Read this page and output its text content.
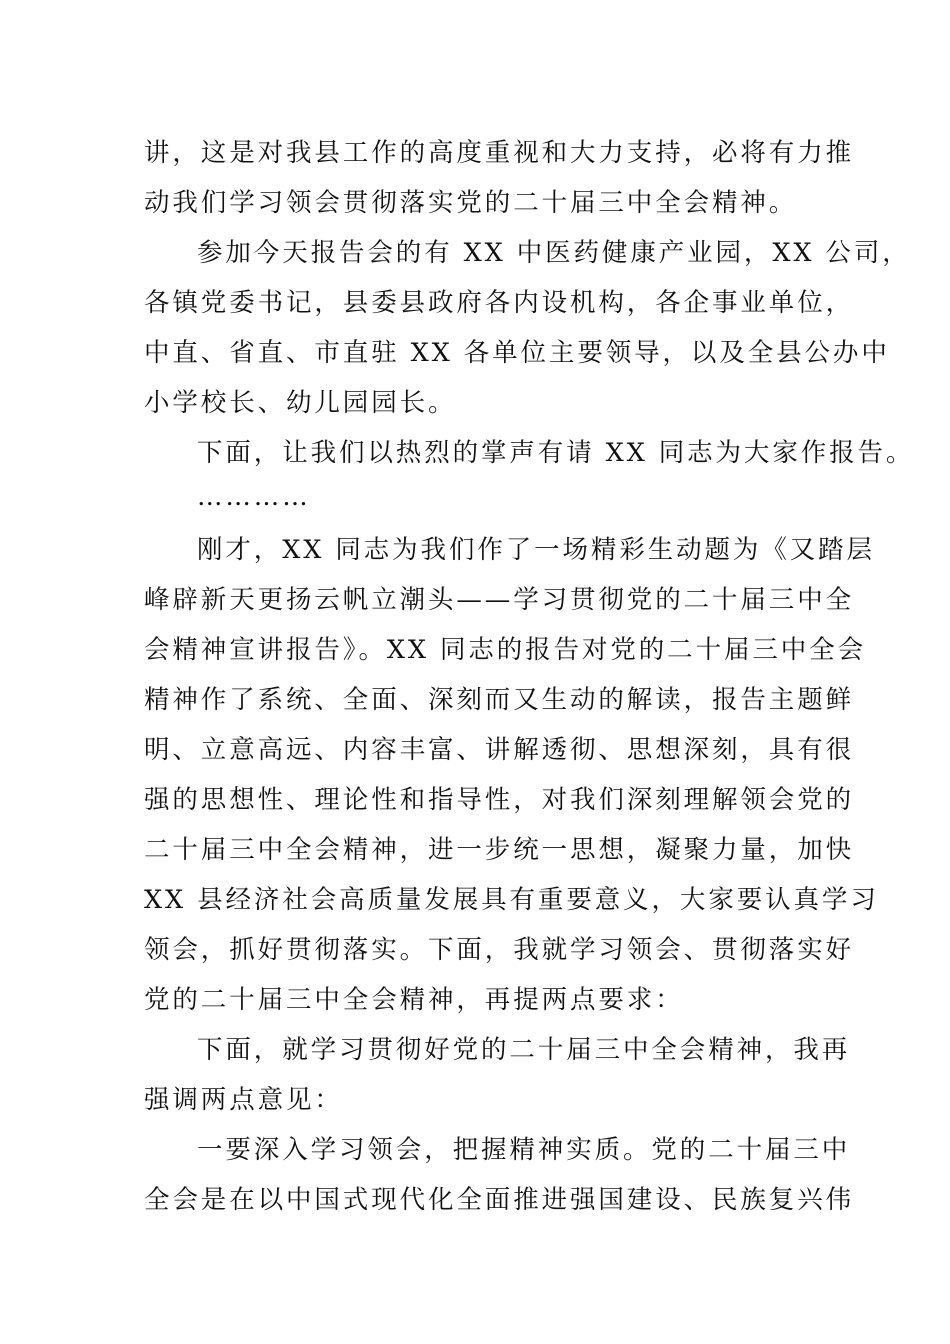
讲，这是对我县工作的高度重视和大力支持，必将有力推
动我们学习领会贯彻落实党的二十届三中全会精神。
参加今天报告会的有 XX 中医药健康产业园，XX 公司，
各镇党委书记，县委县政府各内设机构，各企事业单位，
中直、省直、市直驻 XX 各单位主要领导，以及全县公办中
小学校长、幼儿园园长。
下面，让我们以热烈的掌声有请 XX 同志为大家作报告。
…………
刚才，XX 同志为我们作了一场精彩生动题为《又踏层
峰辟新天更扬云帆立潮头——学习贯彻党的二十届三中全
会精神宣讲报告》。XX 同志的报告对党的二十届三中全会
精神作了系统、全面、深刻而又生动的解读，报告主题鲜
明、立意高远、内容丰富、讲解透彻、思想深刻，具有很
强的思想性、理论性和指导性，对我们深刻理解领会党的
二十届三中全会精神，进一步统一思想，凝聚力量，加快
XX 县经济社会高质量发展具有重要意义，大家要认真学习
领会，抓好贯彻落实。下面，我就学习领会、贯彻落实好
党的二十届三中全会精神，再提两点要求：
下面，就学习贯彻好党的二十届三中全会精神，我再
强调两点意见：
一要深入学习领会，把握精神实质。党的二十届三中
全会是在以中国式现代化全面推进强国建设、民族复兴伟
